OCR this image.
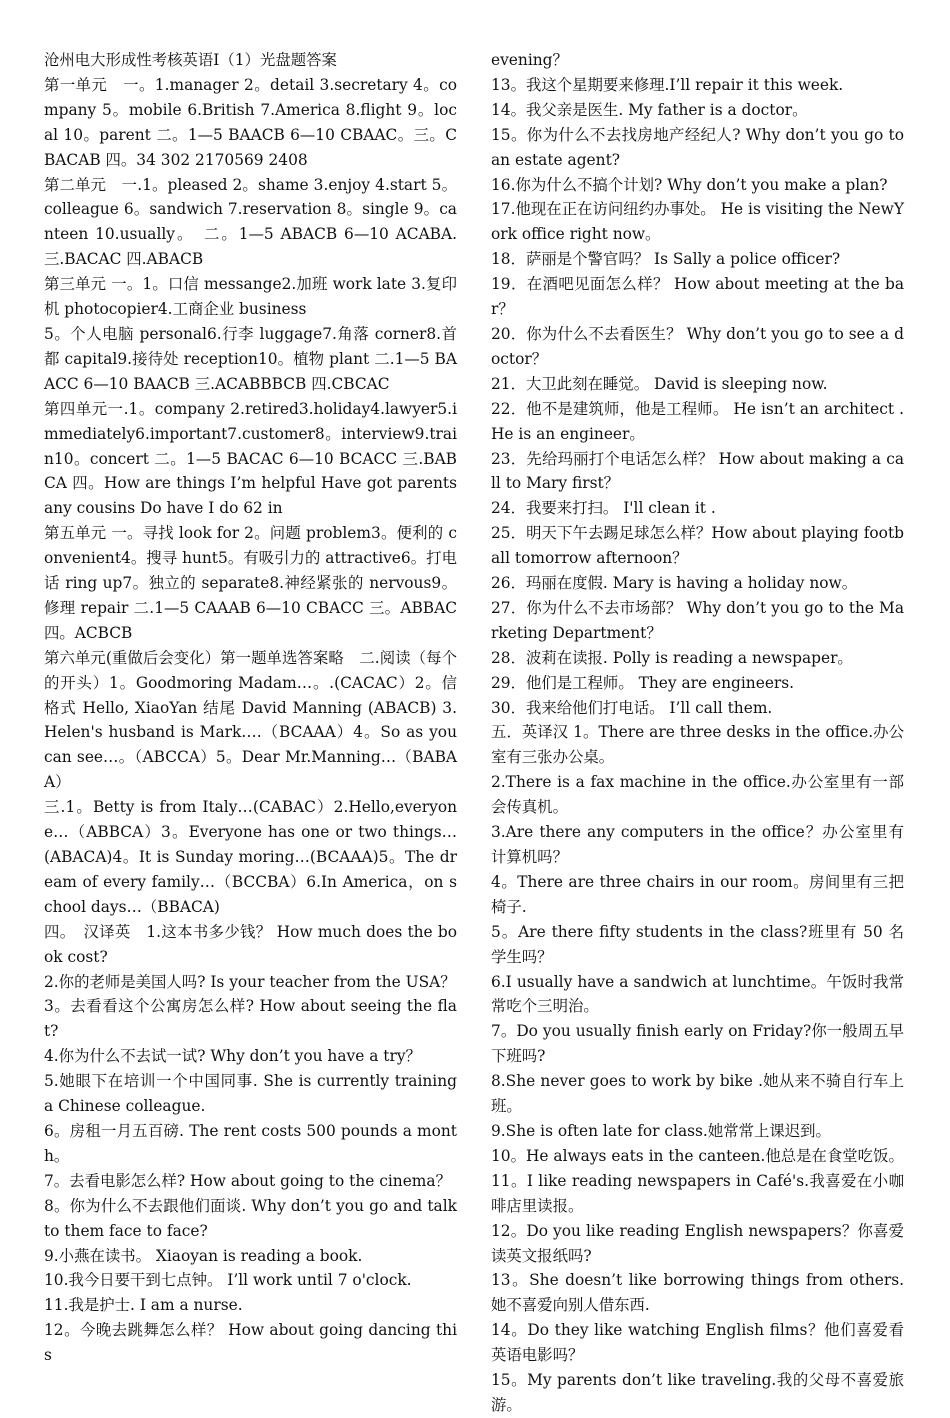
沧州电大形成性考核英语Ⅰ（1）光盘题答案

第一单元　一。1.manager 2。detail 3.secretary 4。company 5。mobile 6.British 7.America 8.flight 9。local 10。parent 二。1—5 BAACB 6—10 CBAAC。三。CBACAB 四。34 302 2170569 2408

第二单元　一.1。pleased 2。shame 3.enjoy 4.start 5。colleague 6。sandwich 7.reservation 8。single 9。canteen 10.usually。　二。1—5 ABACB 6—10 ACABA. 三.BACAC 四.ABACB

第三单元 一。1。口信 messange2.加班 work late 3.复印机 photocopier4.工商企业 business

5。个人电脑 personal6.行李 luggage7.角落 corner8.首都 capital9.接待处 reception10。植物 plant 二.1—5 BAACC 6—10 BAACB 三.ACABBBCB 四.CBCAC

第四单元一.1。company 2.retired3.holiday4.lawyer5.immediately6.important7.customer8。interview9.train10。concert 二。1—5 BACAC 6—10 BCACC 三.BABCA 四。How are things I’m helpful Have got parents any cousins Do have I do 62 in

第五单元 一。寻找 look for 2。问题 problem3。便利的 convenient4。搜寻 hunt5。有吸引力的 attractive6。打电话 ring up7。独立的 separate8.神经紧张的 nervous9。修理 repair 二.1—5 CAAAB 6—10 CBACC 三。ABBAC 四。ACBCB

第六单元(重做后会变化）第一题单选答案略　二.阅读（每个的开头）1。Goodmoring Madam…。.(CACAC）2。信格式 Hello, XiaoYan 结尾 David Manning (ABACB) 3.Helen's husband is Mark….（BCAAA）4。So as you can see…。（ABCCA）5。Dear Mr.Manning…（BABAA）

三.1。Betty is from Italy…(CABAC）2.Hello,everyone…（ABBCA）3。Everyone has one or two things…(ABACA)4。It is Sunday moring…(BCAAA)5。The dream of every family…（BCCBA）6.In America，on school days…（BBACA)

四。　汉译英　1.这本书多少钱？ How much does the book cost?

2.你的老师是美国人吗? Is your teacher from the USA？

3。去看看这个公寓房怎么样? How about seeing the flat?

4.你为什么不去试一试? Why don’t you have a try？

5.她眼下在培训一个中国同事. She is currently training a Chinese colleague.

6。房租一月五百磅. The rent costs 500 pounds a month。

7。去看电影怎么样? How about going to the cinema？

8。你为什么不去跟他们面谈. Why don’t you go and talk to them face to face?

9.小燕在读书。 Xiaoyan is reading a book.

10.我今日要干到七点钟。 I’ll work until 7 o'clock.

11.我是护士. I am a nurse.

12。今晚去跳舞怎么样？ How about going dancing this

evening？

13。我这个星期要来修理.I’ll repair it this week.

14。我父亲是医生. My father is a doctor。

15。你为什么不去找房地产经纪人? Why don’t you go to an estate agent?

16.你为什么不搞个计划? Why don’t you make a plan?

17.他现在正在访问纽约办事处。 He is visiting the NewYork office right now。

18．萨丽是个警官吗？ Is Sally a police officer?

19．在酒吧见面怎么样？ How about meeting at the bar？

20．你为什么不去看医生？ Why don’t you go to see a doctor？

21．大卫此刻在睡觉。 David is sleeping now.

22．他不是建筑师，他是工程师。 He isn’t an architect .He is an engineer。

23．先给玛丽打个电话怎么样？ How about making a call to Mary first？

24．我要来打扫。 I'll clean it .

25．明天下午去踢足球怎么样？How about playing football tomorrow afternoon？

26．玛丽在度假. Mary is having a holiday now。

27．你为什么不去市场部？ Why don’t you go to the Marketing Department？

28．波莉在读报. Polly is reading a newspaper。

29．他们是工程师。 They are engineers.

30．我来给他们打电话。 I’ll call them.

五．英译汉 1。There are three desks in the office.办公室有三张办公桌。

2.There is a fax machine in the office.办公室里有一部会传真机。

3.Are there any computers in the office？办公室里有计算机吗？

4。There are three chairs in our room。房间里有三把椅子.

5。Are there fifty students in the class?班里有 50 名学生吗？

6.I usually have a sandwich at lunchtime。午饭时我常常吃个三明治。

7。Do you usually finish early on Friday?你一般周五早下班吗?

8.She never goes to work by bike .她从来不骑自行车上班。

9.She is often late for class.她常常上课迟到。

10。He always eats in the canteen.他总是在食堂吃饭。

11。I like reading newspapers in Café's.我喜爱在小咖啡店里读报。

12。Do you like reading English newspapers？你喜爱读英文报纸吗?

13。She doesn’t like borrowing things from others.她不喜爱向别人借东西.

14。Do they like watching English films？他们喜爱看英语电影吗？

15。My parents don’t like traveling.我的父母不喜爱旅游。
